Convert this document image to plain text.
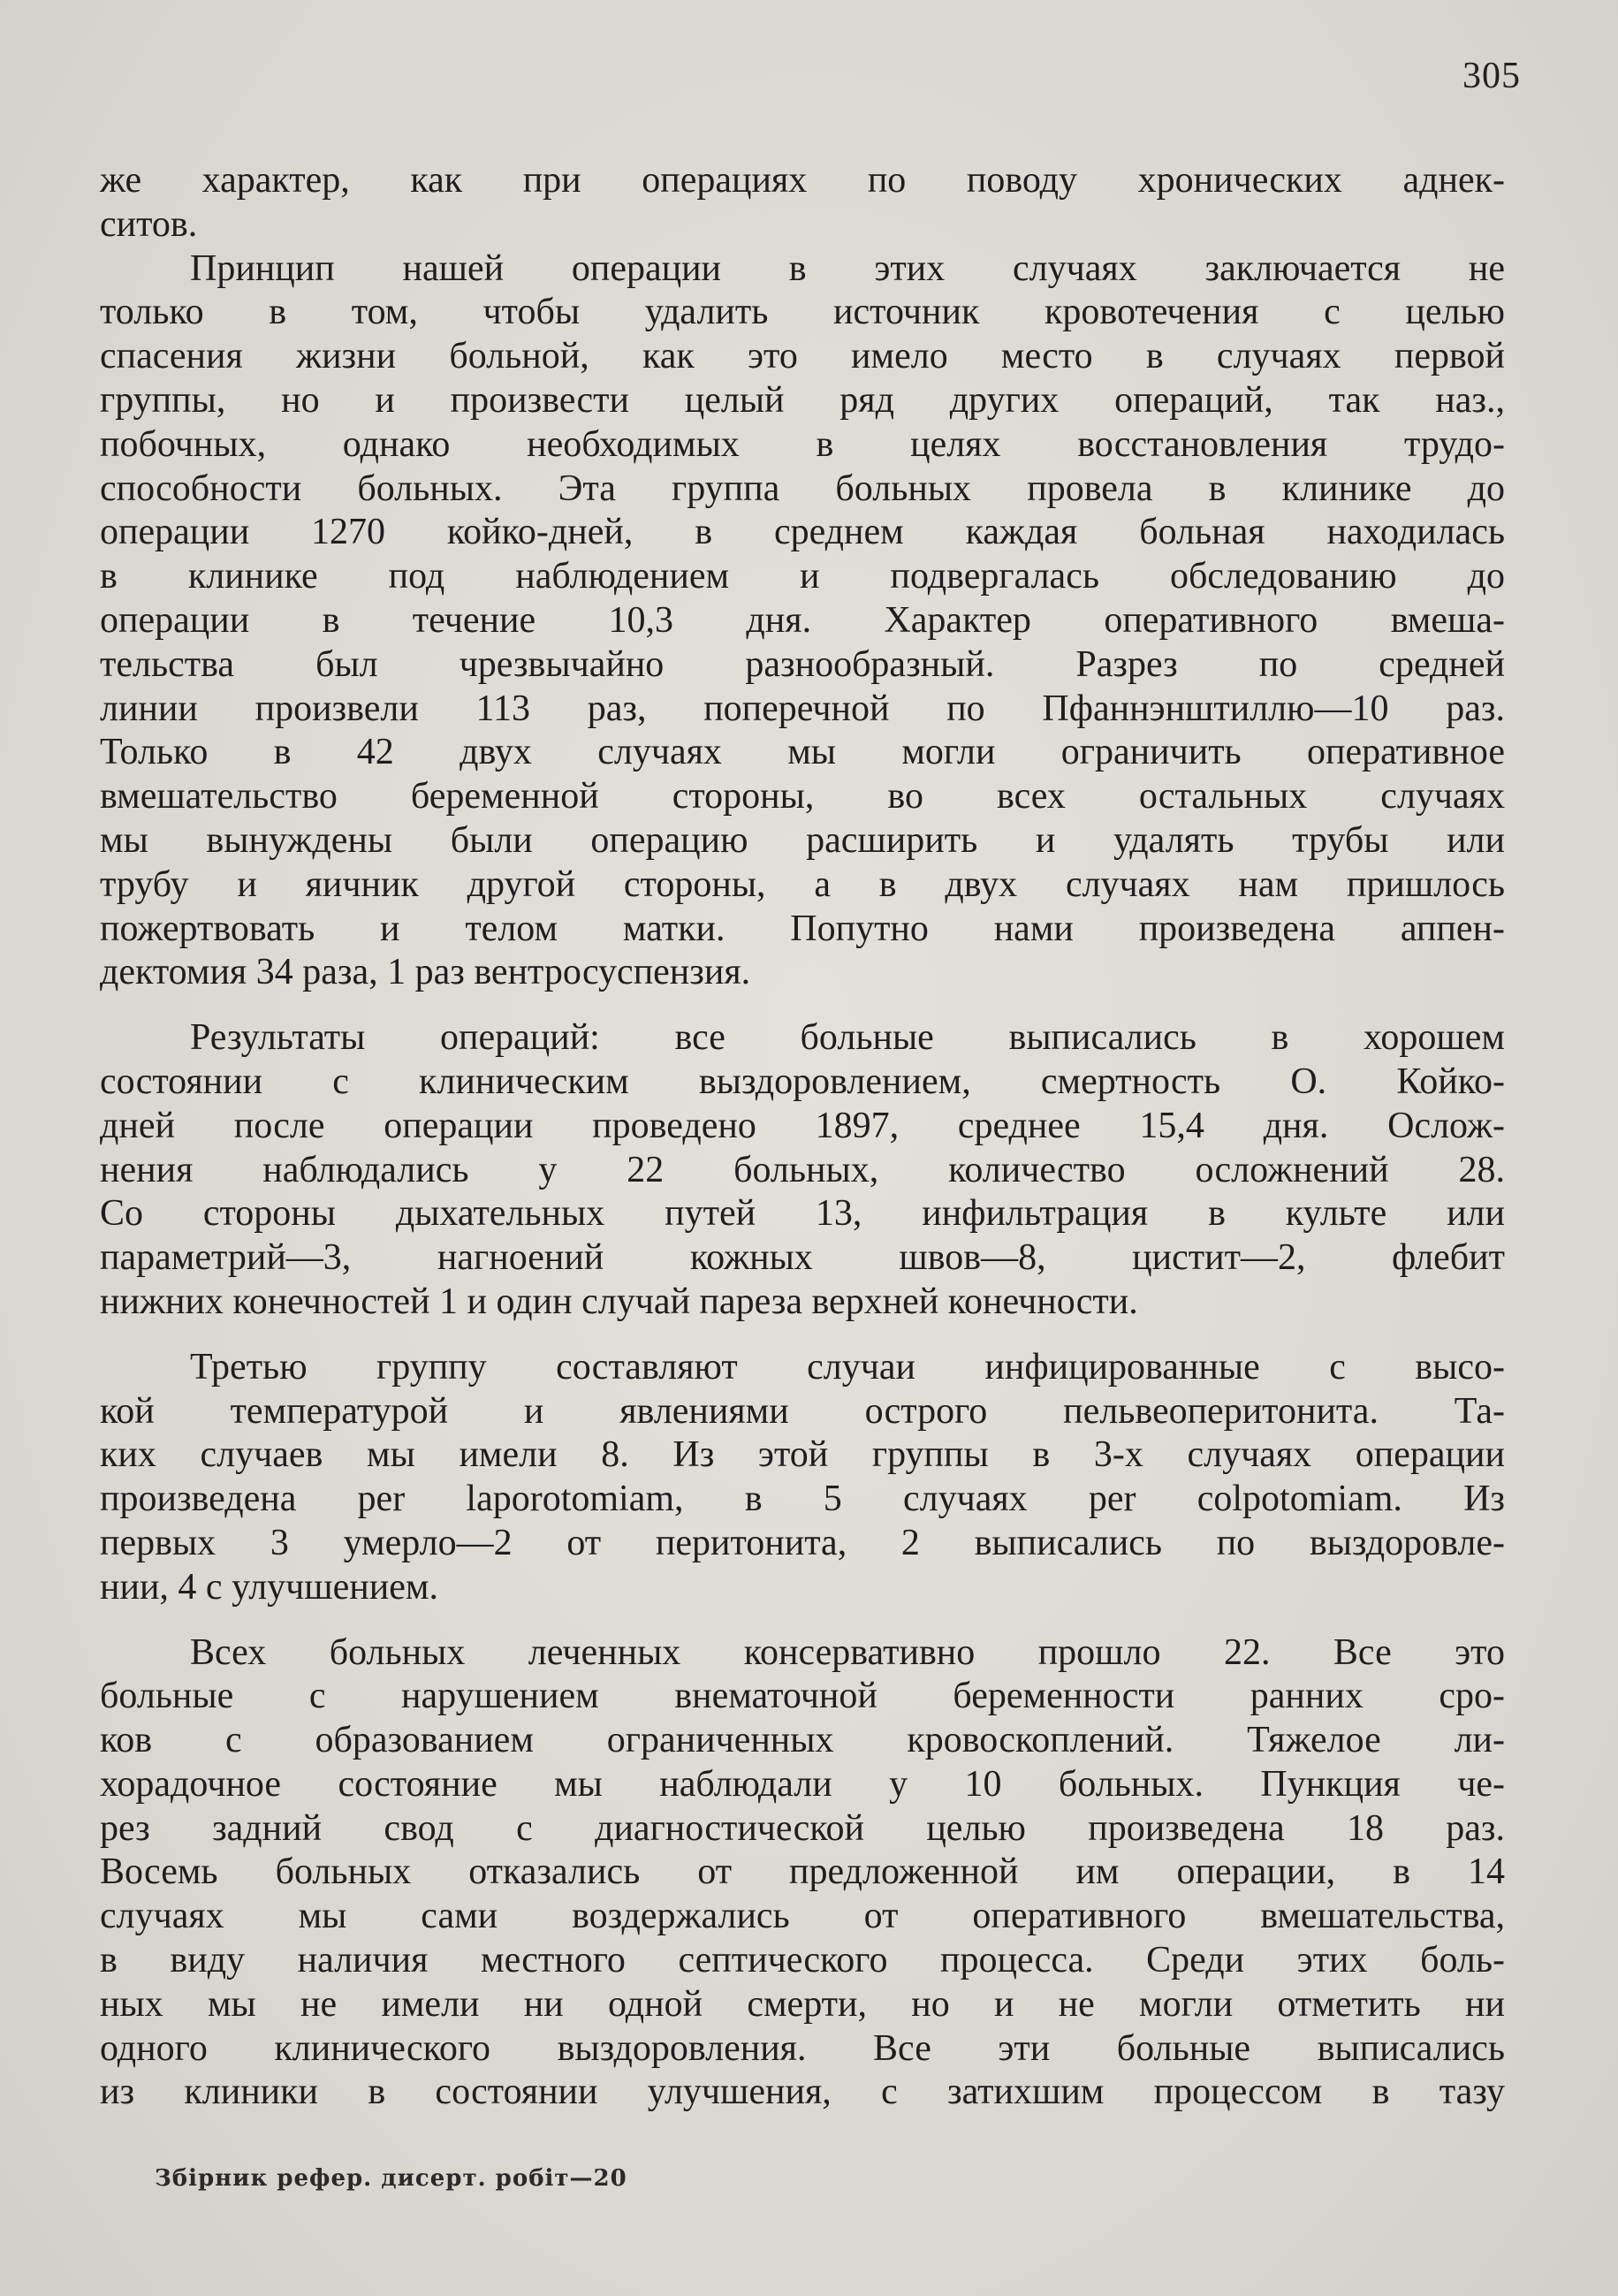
305

же характер, как при операциях по поводу хронических аднек-
ситов.

Принцип нашей операции в этих случаях заключается не
только в том, чтобы удалить источник кровотечения с целью
спасения жизни больной, как это имело место в случаях первой
группы, но и произвести целый ряд других операций, так наз.,
побочных, однако необходимых в целях восстановления трудо-
способности больных. Эта группа больных провела в клинике до
операции 1270 койко-дней, в среднем каждая больная находилась
в клинике под наблюдением и подвергалась обследованию до
операции в течение 10,3 дня. Характер оперативного вмеша-
тельства был чрезвычайно разнообразный. Разрез по средней
линии произвели 113 раз, поперечной по Пфаннэнштиллю—10 раз.
Только в 42 двух случаях мы могли ограничить оперативное
вмешательство беременной стороны, во всех остальных случаях
мы вынуждены были операцию расширить и удалять трубы или
трубу и яичник другой стороны, а в двух случаях нам пришлось
пожертвовать и телом матки. Попутно нами произведена аппен-
дектомия 34 раза, 1 раз вентросуспензия.

Результаты операций: все больные выписались в хорошем
состоянии с клиническим выздоровлением, смертность О. Койко-
дней после операции проведено 1897, среднее 15,4 дня. Ослож-
нения наблюдались у 22 больных, количество осложнений 28.
Со стороны дыхательных путей 13, инфильтрация в культе или
параметрий—3, нагноений кожных швов—8, цистит—2, флебит
нижних конечностей 1 и один случай пареза верхней конечности.

Третью группу составляют случаи инфицированные с высо-
кой температурой и явлениями острого пельвеоперитонита. Та-
ких случаев мы имели 8. Из этой группы в 3-х случаях операции
произведена per laporotomiam, в 5 случаях per colpotomiam. Из
первых 3 умерло—2 от перитонита, 2 выписались по выздоровле-
нии, 4 с улучшением.

Всех больных леченных консервативно прошло 22. Все это
больные с нарушением внематочной беременности ранних сро-
ков с образованием ограниченных кровоскоплений. Тяжелое ли-
хорадочное состояние мы наблюдали у 10 больных. Пункция че-
рез задний свод с диагностической целью произведена 18 раз.
Восемь больных отказались от предложенной им операции, в 14
случаях мы сами воздержались от оперативного вмешательства,
в виду наличия местного септического процесса. Среди этих боль-
ных мы не имели ни одной смерти, но и не могли отметить ни
одного клинического выздоровления. Все эти больные выписались
из клиники в состоянии улучшения, с затихшим процессом в тазу

Збірник рефер. дисерт. робіт—20
